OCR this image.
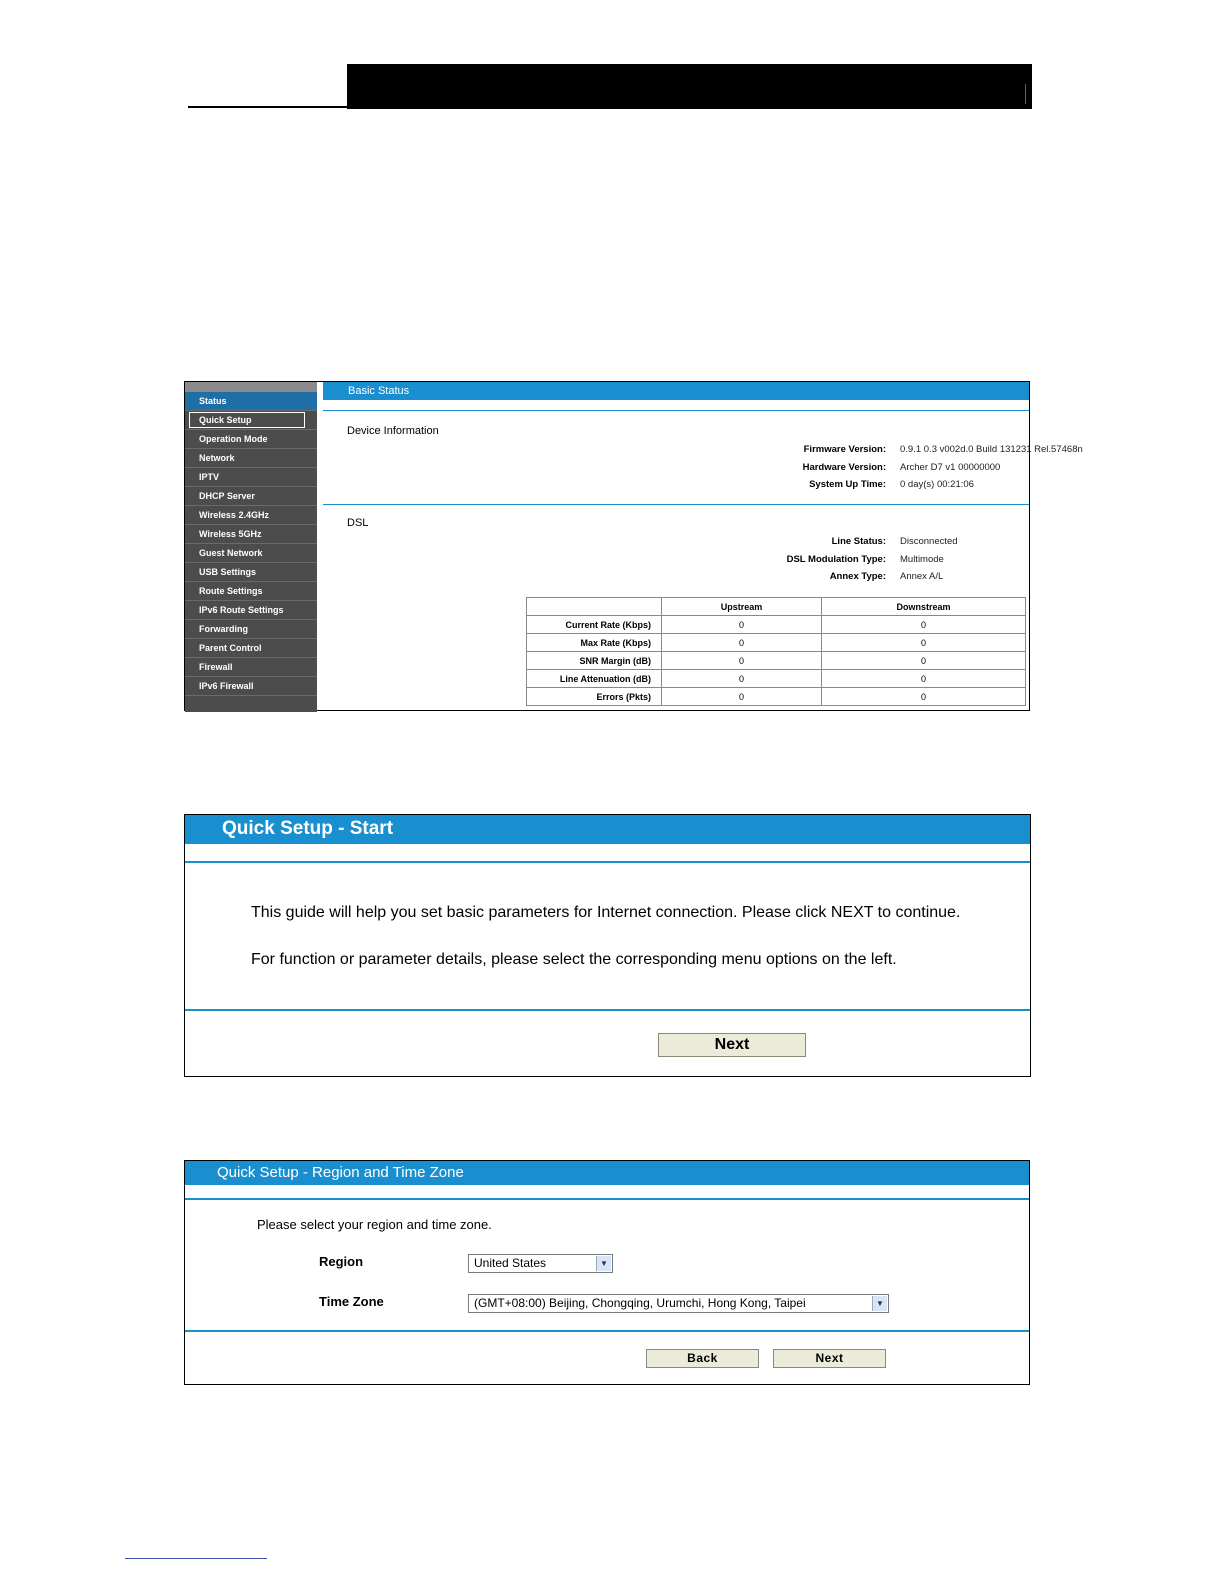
Status
Quick Setup
Operation Mode
Network
IPTV
DHCP Server
Wireless 2.4GHz
Wireless 5GHz
Guest Network
USB Settings
Route Settings
IPv6 Route Settings
Forwarding
Parent Control
Firewall
IPv6 Firewall
Basic Status
Device Information
Firmware Version: 0.9.1 0.3 v002d.0 Build 131231 Rel.57468n
Hardware Version: Archer D7 v1 00000000
System Up Time: 0 day(s) 00:21:06
DSL
Line Status: Disconnected
DSL Modulation Type: Multimode
Annex Type: Annex A/L
	Upstream	Downstream
Current Rate (Kbps)	0	0
Max Rate (Kbps)	0	0
SNR Margin (dB)	0	0
Line Attenuation (dB)	0	0
Errors (Pkts)	0	0
Quick Setup - Start
This guide will help you set basic parameters for Internet connection. Please click NEXT to continue.
For function or parameter details, please select the corresponding menu options on the left.
Next
Quick Setup - Region and Time Zone
Please select your region and time zone.
Region	United States	▼
Time Zone	(GMT+08:00) Beijing, Chongqing, Urumchi, Hong Kong, Taipei	▼
Back	Next
